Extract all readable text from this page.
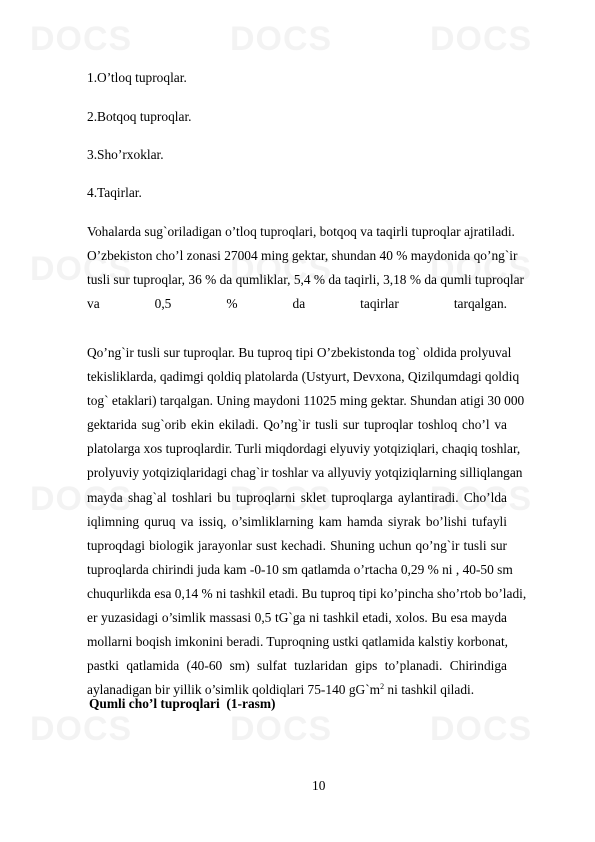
1.O’tloq tuproqlar.
2.Botqoq tuproqlar.
3.Sho’rxoklar.
4.Taqirlar.
Vohalarda sug`oriladigan o’tloq tuproqlari, botqoq va taqirli tuproqlar ajratiladi.
O’zbekiston cho’l zonasi 27004 ming gektar, shundan 40 % maydonida qo’ng`ir
tusli sur tuproqlar, 36 % da qumliklar, 5,4 % da taqirli, 3,18 % da qumli tuproqlar
va 0,5 % da taqirlar tarqalgan.
Qo’ng`ir tusli sur tuproqlar. Bu tuproq tipi O’zbekistonda tog` oldida prolyuval
tekisliklarda, qadimgi qoldiq platolarda (Ustyurt, Devxona, Qizilqumdagi qoldiq
tog` etaklari) tarqalgan. Uning maydoni 11025 ming gektar. Shundan atigi 30 000
gektarida sug`orib ekin ekiladi. Qo’ng`ir tusli sur tuproqlar toshloq cho’l va
platolarga xos tuproqlardir. Turli miqdordagi elyuviy yotqiziqlari, chaqiq toshlar,
prolyuviy yotqiziqlaridagi chag`ir toshlar va allyuviy yotqiziqlarning silliqlangan
mayda shag`al toshlari bu tuproqlarni sklet tuproqlarga aylantiradi. Cho’lda
iqlimning quruq va issiq, o’simliklarning kam hamda siyrak bo’lishi tufayli
tuproqdagi biologik jarayonlar sust kechadi. Shuning uchun qo’ng`ir tusli sur
tuproqlarda chirindi juda kam -0-10 sm qatlamda o’rtacha 0,29 % ni , 40-50 sm
chuqurlikda esa 0,14 % ni tashkil etadi. Bu tuproq tipi ko’pincha sho’rtob bo’ladi,
er yuzasidagi o’simlik massasi 0,5 tG`ga ni tashkil etadi, xolos. Bu esa mayda
mollarni boqish imkonini beradi. Tuproqning ustki qatlamida kalstiy korbonat,
pastki qatlamida (40-60 sm) sulfat tuzlaridan gips to’planadi. Chirindiga
aylanadigan bir yillik o’simlik qoldiqlari 75-140 $gG`m^2$ ni tashkil qiladi.
Qumli cho’l tuproqlari  (1-rasm)
10
